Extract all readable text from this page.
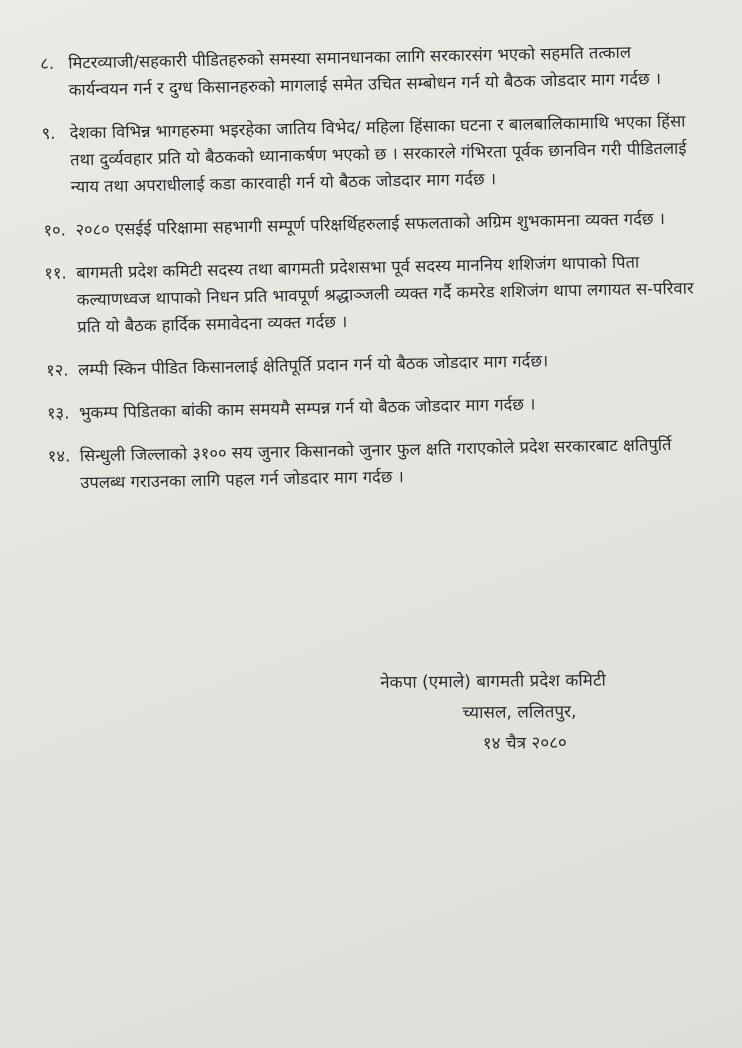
८. मिटरव्याजी/सहकारी पीडितहरुको समस्या समानधानका लागि सरकारसंग भएको सहमति तत्काल कार्यन्वयन गर्न र दुग्ध किसानहरुको मागलाई समेत उचित सम्बोधन गर्न यो बैठक जोडदार माग गर्दछ ।
९. देशका विभिन्न भागहरुमा भइरहेका जातिय विभेद/ महिला हिंसाका घटना र बालबालिकामाथि भएका हिंसा तथा दुर्व्यवहार प्रति यो बैठकको ध्यानाकर्षण भएको छ । सरकारले गंभिरता पूर्वक छानविन गरी पीडितलाई न्याय तथा अपराधीलाई कडा कारवाही गर्न यो बैठक जोडदार माग गर्दछ ।
१०. २०८० एसईई परिक्षामा सहभागी सम्पूर्ण परिक्षर्थिहरुलाई सफलताको अग्रिम शुभकामना व्यक्त गर्दछ ।
११. बागमती प्रदेश कमिटी सदस्य तथा बागमती प्रदेशसभा पूर्व सदस्य माननिय शशिजंग थापाको पिता कल्याणध्वज थापाको निधन प्रति भावपूर्ण श्रद्धाञ्जली व्यक्त गर्दै कमरेड शशिजंग थापा लगायत स-परिवार प्रति यो बैठक हार्दिक समावेदना व्यक्त गर्दछ ।
१२. लम्पी स्किन पीडित किसानलाई क्षेतिपूर्ति प्रदान गर्न यो बैठक जोडदार माग गर्दछ।
१३. भुकम्प पिडितका बांकी काम समयमै सम्पन्न गर्न यो बैठक जोडदार माग गर्दछ ।
१४. सिन्धुली जिल्लाको ३१०० सय जुनार किसानको जुनार फुल क्षति गराएकोले प्रदेश सरकारबाट क्षतिपुर्ति उपलब्ध गराउनका लागि पहल गर्न जोडदार माग गर्दछ ।
नेकपा (एमाले) बागमती प्रदेश कमिटी
च्यासल, ललितपुर,
१४ चैत्र २०८०
